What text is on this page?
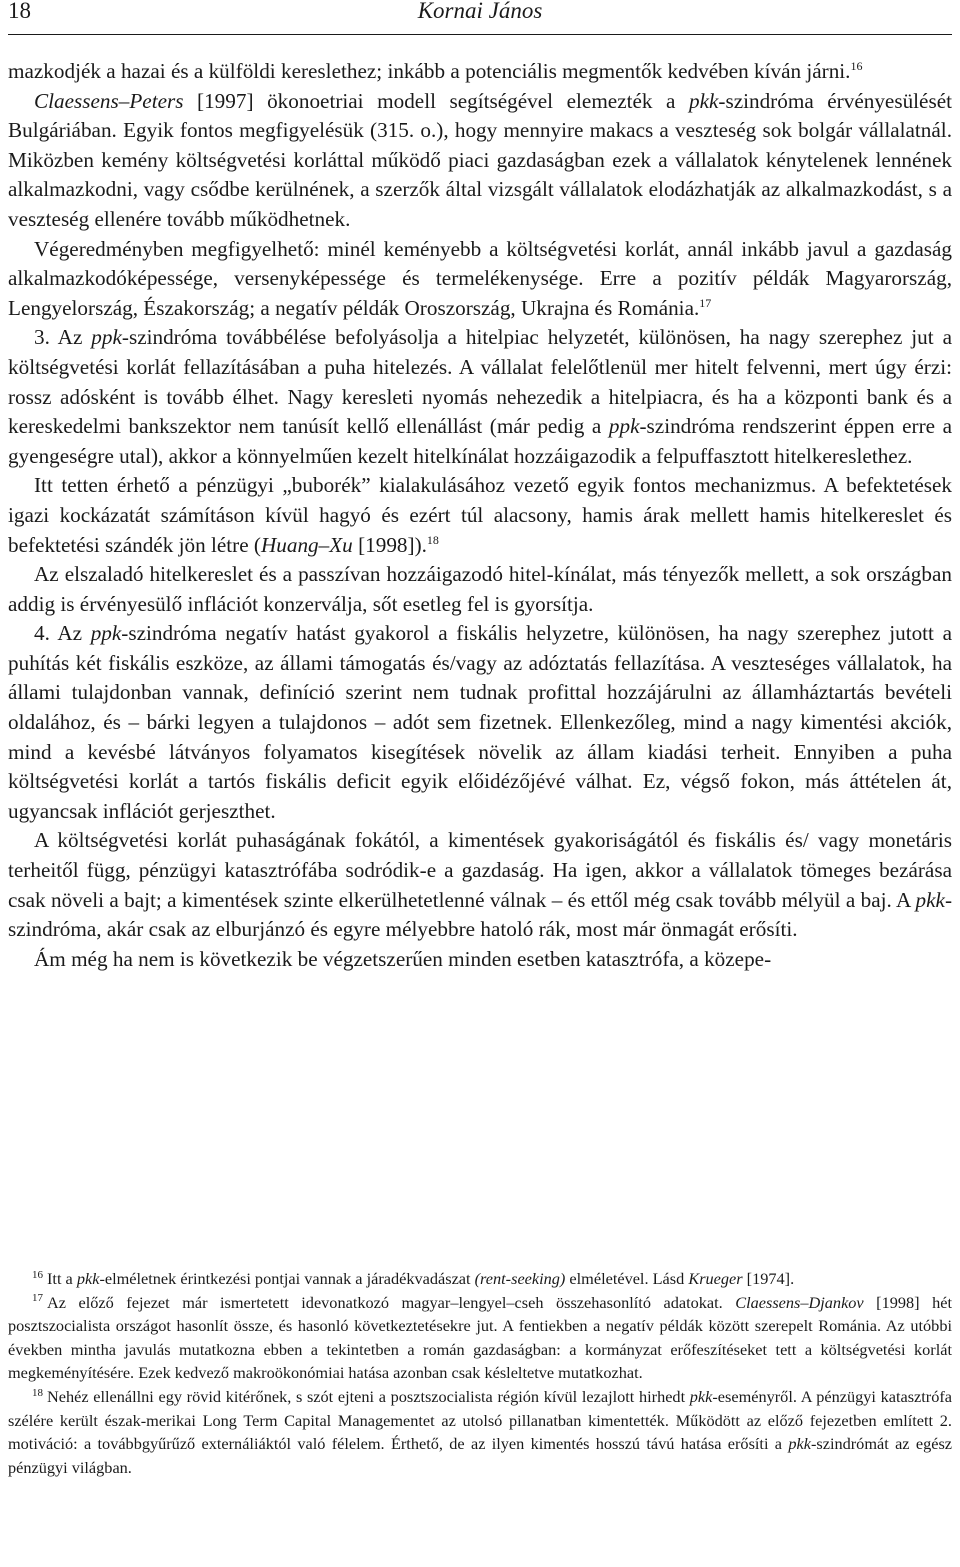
18	Kornai János

mazkodjék a hazai és a külföldi kereslethez; inkább a potenciális megmentők kedvében kíván járni.$^{16}$

Claessens–Peters [1997] ökonoetriai modell segítségével elemezték a pkk-szindróma érvényesülését Bulgáriában. Egyik fontos megfigyelésük (315. o.), hogy mennyire makacs a veszteség sok bolgár vállalatnál. Miközben kemény költségvetési korláttal működő piaci gazdaságban ezek a vállalatok kénytelenek lennének alkalmazkodni, vagy csődbe kerülnének, a szerzők által vizsgált vállalatok elodázhatják az alkalmazkodást, s a veszteség ellenére tovább működhetnek.

Végeredményben megfigyelhető: minél keményebb a költségvetési korlát, annál inkább javul a gazdaság alkalmazkodóképessége, versenyképessége és termelékenysége. Erre a pozitív példák Magyarország, Lengyelország, Északország; a negatív példák Oroszország, Ukrajna és Románia.$^{17}$

3. Az ppk-szindróma továbbélése befolyásolja a hitelpiac helyzetét, különösen, ha nagy szerephez jut a költségvetési korlát fellazításában a puha hitelezés. A vállalat felelőtlenül mer hitelt felvenni, mert úgy érzi: rossz adósként is tovább élhet. Nagy keresleti nyomás nehezedik a hitelpiacra, és ha a központi bank és a kereskedelmi bankszektor nem tanúsít kellő ellenállást (már pedig a ppk-szindróma rendszerint éppen erre a gyengeségre utal), akkor a könnyelműen kezelt hitelkínálat hozzáigazodik a felpuffasztott hitelkereslethez.

Itt tetten érhető a pénzügyi „buborék” kialakulásához vezető egyik fontos mechanizmus. A befektetések igazi kockázatát számításon kívül hagyó és ezért túl alacsony, hamis árak mellett hamis hitelkereslet és befektetési szándék jön létre (Huang–Xu [1998]).$^{18}$

Az elszaladó hitelkereslet és a passzívan hozzáigazodó hitel-kínálat, más tényezők mellett, a sok országban addig is érvényesülő inflációt konzerválja, sőt esetleg fel is gyorsítja.

4. Az ppk-szindróma negatív hatást gyakorol a fiskális helyzetre, különösen, ha nagy szerephez jutott a puhítás két fiskális eszköze, az állami támogatás és/vagy az adóztatás fellazítása. A veszteséges vállalatok, ha állami tulajdonban vannak, definíció szerint nem tudnak profittal hozzájárulni az államháztartás bevételi oldalához, és – bárki legyen a tulajdonos – adót sem fizetnek. Ellenkezőleg, mind a nagy kimentési akciók, mind a kevésbé látványos folyamatos kisegítések növelik az állam kiadási terheit. Ennyiben a puha költségvetési korlát a tartós fiskális deficit egyik előidézőjévé válhat. Ez, végső fokon, más áttételen át, ugyancsak inflációt gerjeszthet.

A költségvetési korlát puhaságának fokától, a kimentések gyakoriságától és fiskális és/ vagy monetáris terheitől függ, pénzügyi katasztrófába sodródik-e a gazdaság. Ha igen, akkor a vállalatok tömeges bezárása csak növeli a bajt; a kimentések szinte elkerülhetetlenné válnak – és ettől még csak tovább mélyül a baj. A pkk-szindróma, akár csak az elburjánzó és egyre mélyebbre hatoló rák, most már önmagát erősíti.

Ám még ha nem is következik be végzetszerűen minden esetben katasztrófa, a közepe-

$^{16}$ Itt a pkk-elméletnek érintkezési pontjai vannak a járadékvadászat (rent-seeking) elméletével. Lásd Krueger [1974].

$^{17}$ Az előző fejezet már ismertetett idevonatkozó magyar–lengyel–cseh összehasonlító adatokat. Claessens–Djankov [1998] hét posztszocialista országot hasonlít össze, és hasonló következtetésekre jut. A fentiekben a negatív példák között szerepelt Románia. Az utóbbi években mintha javulás mutatkozna ebben a tekintetben a román gazdaságban: a kormányzat erőfeszítéseket tett a költségvetési korlát megkeményítésére. Ezek kedvező makroökonómiai hatása azonban csak késleltetve mutatkozhat.

$^{18}$ Nehéz ellenállni egy rövid kitérőnek, s szót ejteni a posztszocialista régión kívül lezajlott hirhedt pkk-eseményről. A pénzügyi katasztrófa szélére került észak-merikai Long Term Capital Managementet az utolsó pillanatban kimentették. Működött az előző fejezetben említett 2. motiváció: a továbbgyűrűző externáliáktól való félelem. Érthető, de az ilyen kimentés hosszú távú hatása erősíti a pkk-szindrómát az egész pénzügyi világban.
